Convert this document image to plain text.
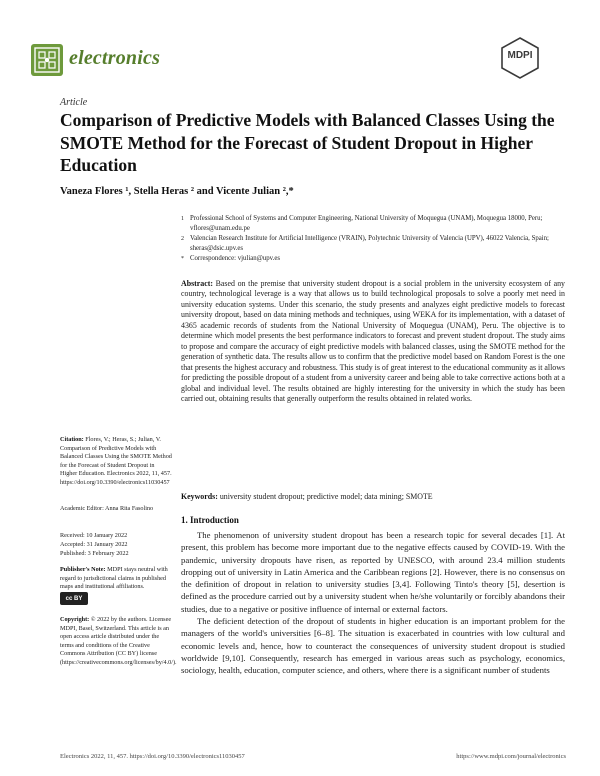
electronics	MDPI
Article
Comparison of Predictive Models with Balanced Classes Using the SMOTE Method for the Forecast of Student Dropout in Higher Education
Vaneza Flores ¹, Stella Heras ² and Vicente Julian ²,*
1 Professional School of Systems and Computer Engineering, National University of Moquegua (UNAM), Moquegua 18000, Peru; vflores@unam.edu.pe
2 Valencian Research Institute for Artificial Intelligence (VRAIN), Polytechnic University of Valencia (UPV), 46022 Valencia, Spain; sheras@dsic.upv.es
* Correspondence: vjulian@upv.es
Abstract: Based on the premise that university student dropout is a social problem in the university ecosystem of any country, technological leverage is a way that allows us to build technological proposals to solve a poorly met need in university education systems. Under this scenario, the study presents and analyzes eight predictive models to forecast university dropout, based on data mining methods and techniques, using WEKA for its implementation, with a dataset of 4365 academic records of students from the National University of Moquegua (UNAM), Peru. The objective is to determine which model presents the best performance indicators to forecast and prevent student dropout. The study aims to propose and compare the accuracy of eight predictive models with balanced classes, using the SMOTE method for the generation of synthetic data. The results allow us to confirm that the predictive model based on Random Forest is the one that presents the highest accuracy and robustness. This study is of great interest to the educational community as it allows for predicting the possible dropout of a student from a university career and being able to take corrective actions both at a global and individual level. The results obtained are highly interesting for the university in which the study has been carried out, obtaining results that generally outperform the results obtained in related works.
Keywords: university student dropout; predictive model; data mining; SMOTE
Citation: Flores, V.; Heras, S.; Julian, V. Comparison of Predictive Models with Balanced Classes Using the SMOTE Method for the Forecast of Student Dropout in Higher Education. Electronics 2022, 11, 457. https://doi.org/10.3390/electronics11030457
Academic Editor: Anna Rita Fasolino
Received: 10 January 2022
Accepted: 31 January 2022
Published: 3 February 2022
Publisher's Note: MDPI stays neutral with regard to jurisdictional claims in published maps and institutional affiliations.
cc BY
Copyright: © 2022 by the authors. Licensee MDPI, Basel, Switzerland. This article is an open access article distributed under the terms and conditions of the Creative Commons Attribution (CC BY) license (https://creativecommons.org/licenses/by/4.0/).
1. Introduction

The phenomenon of university student dropout has been a research topic for several decades [1]. At present, this problem has become more important due to the negative effects caused by COVID-19. With the pandemic, university dropouts have risen, as reported by UNESCO, with around 23.4 million students dropping out of university in Latin America and the Caribbean regions [2]. However, there is no consensus on the definition of dropout in relation to university studies [3,4]. Following Tinto's theory [5], desertion is defined as the procedure carried out by a university student when he/she voluntarily or forcibly abandons their studies, due to a negative or positive influence of internal or external factors.

The deficient detection of the dropout of students in higher education is an important problem for the managers of the world's universities [6–8]. The situation is exacerbated in countries with low cultural and economic levels and, hence, how to counteract the consequences of university student dropout is studied worldwide [9,10]. Consequently, research has emerged in various areas such as psychology, economics, sociology, health, education, computer science, and others, where there is a significant number of students

Electronics 2022, 11, 457. https://doi.org/10.3390/electronics11030457	https://www.mdpi.com/journal/electronics
